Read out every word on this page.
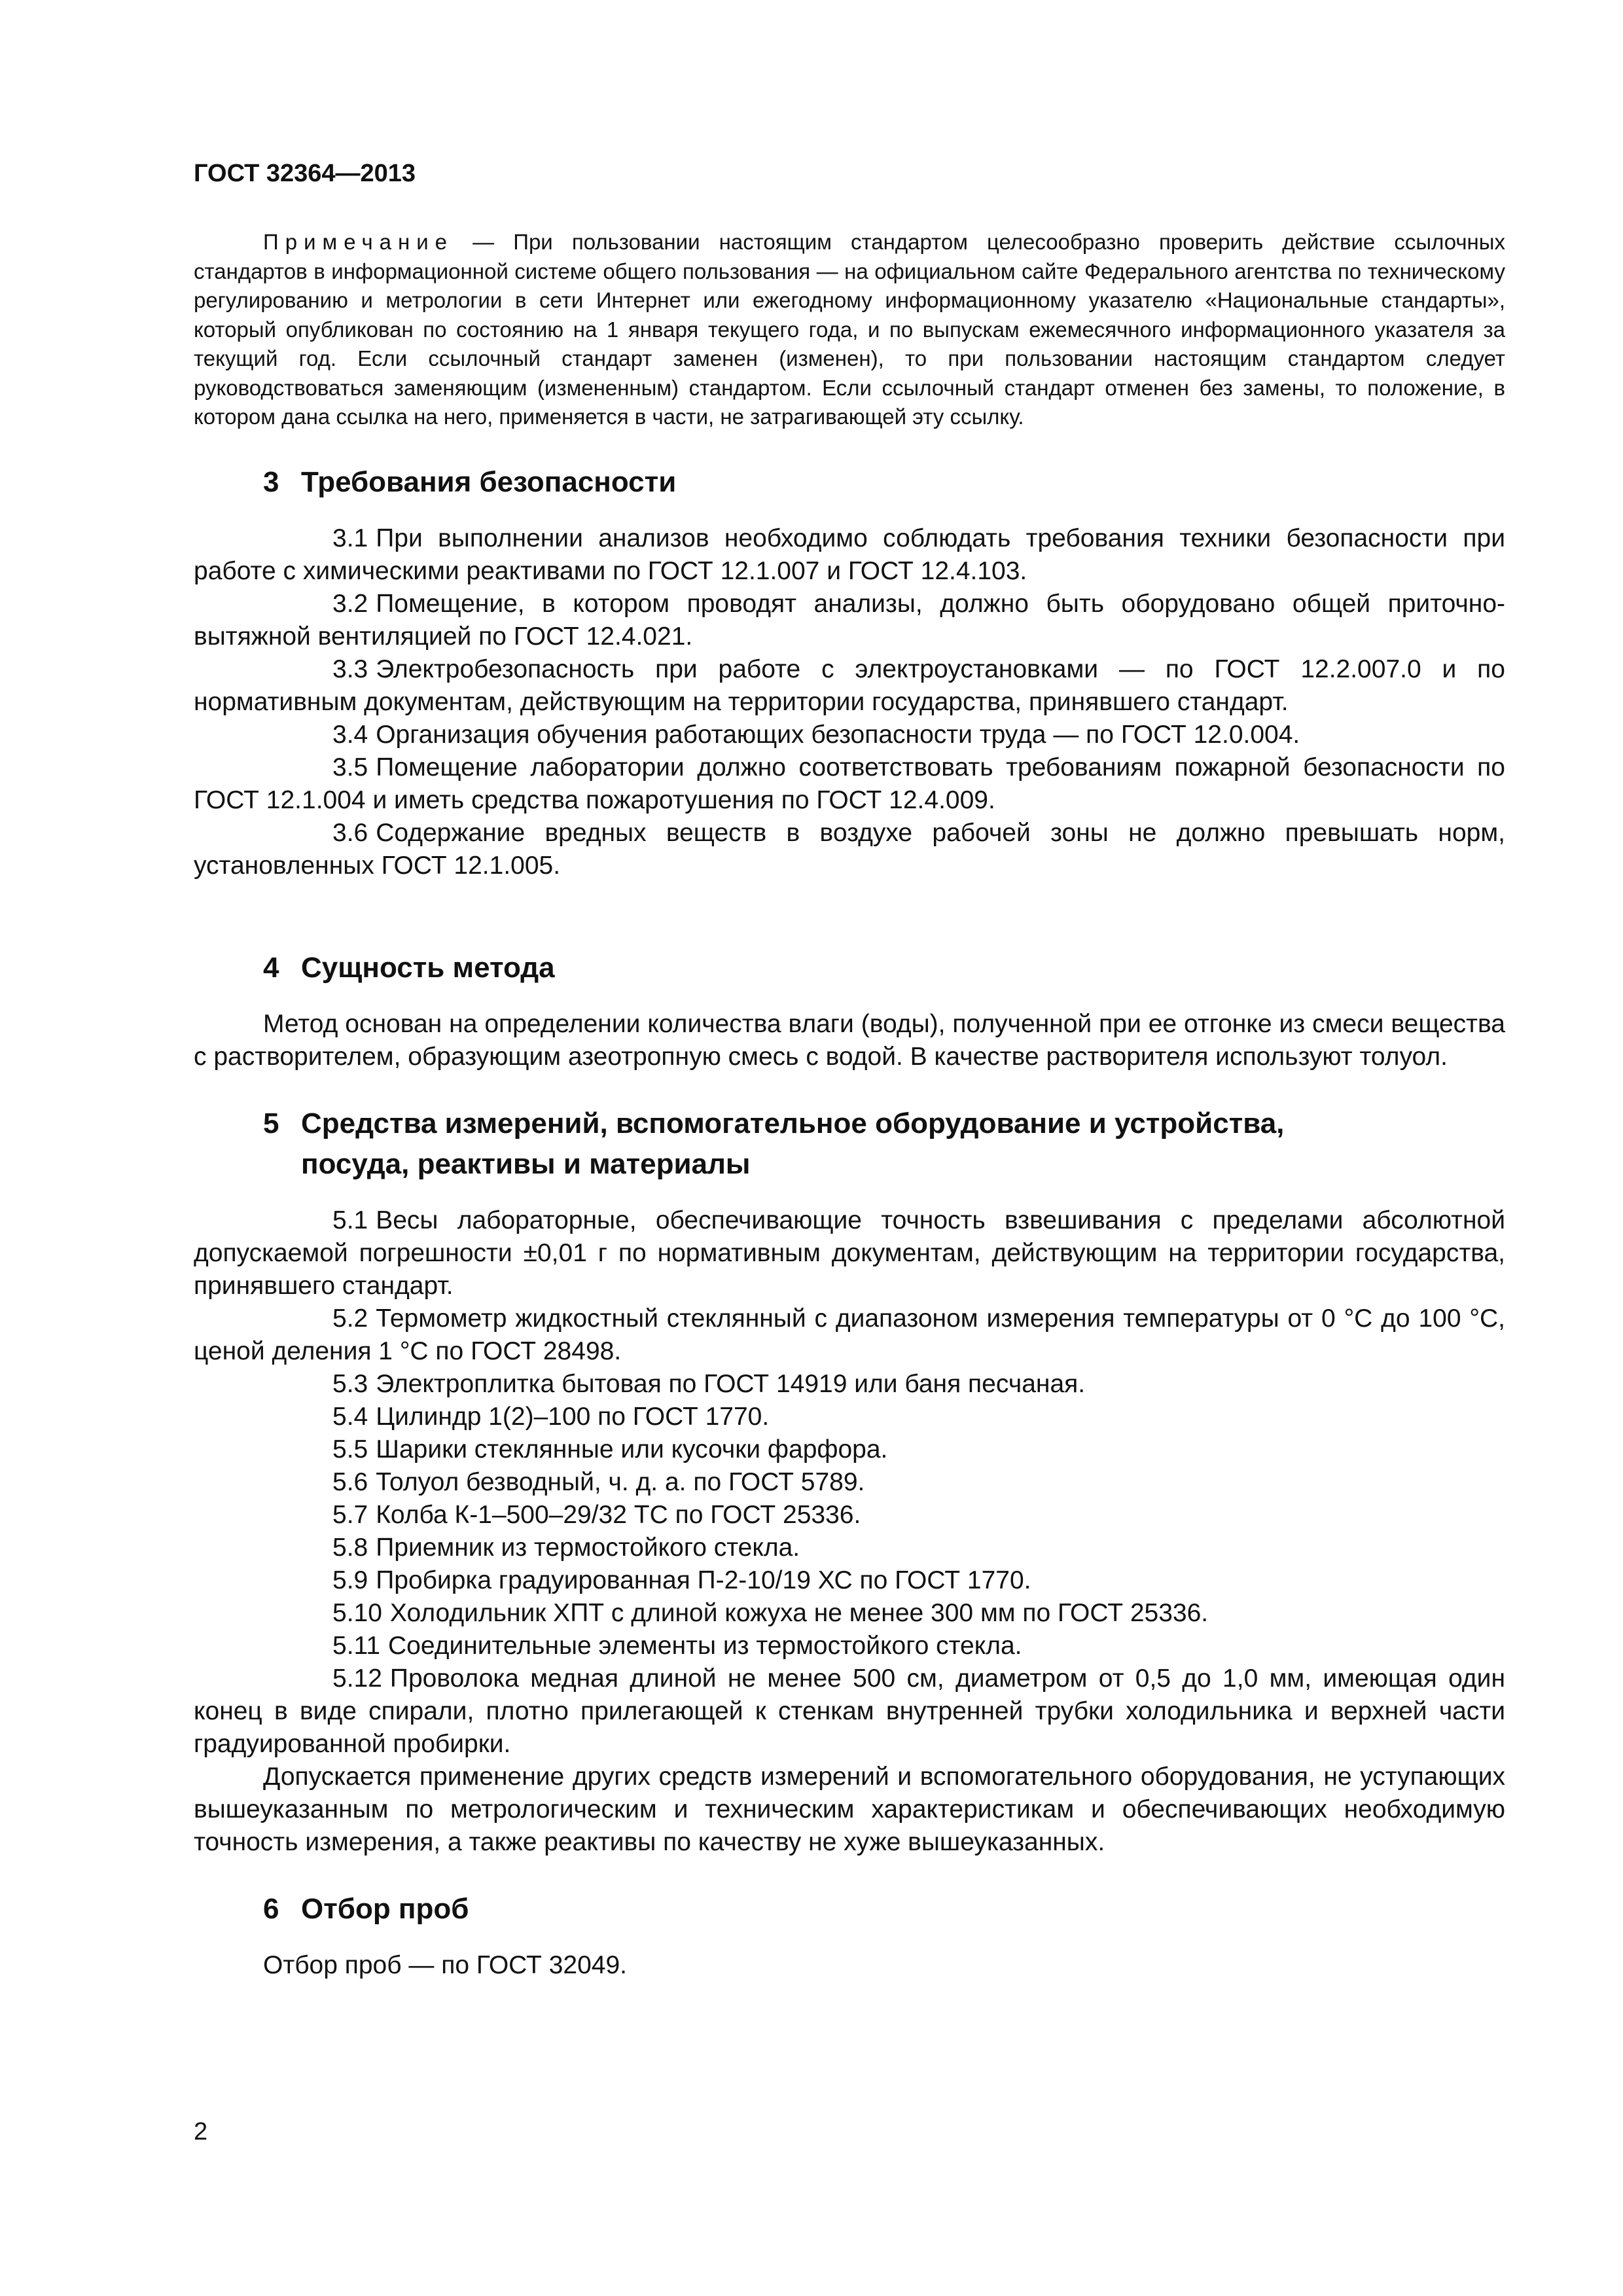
ГОСТ 32364—2013

Примечание — При пользовании настоящим стандартом целесообразно проверить действие ссылочных стандартов в информационной системе общего пользования — на официальном сайте Федерального агентства по техническому регулированию и метрологии в сети Интернет или ежегодному информационному указателю «Национальные стандарты», который опубликован по состоянию на 1 января текущего года, и по выпускам ежемесячного информационного указателя за текущий год. Если ссылочный стандарт заменен (изменен), то при пользовании настоящим стандартом следует руководствоваться заменяющим (измененным) стандартом. Если ссылочный стандарт отменен без замены, то положение, в котором дана ссылка на него, применяется в части, не затрагивающей эту ссылку.

3 Требования безопасности

3.1 При выполнении анализов необходимо соблюдать требования техники безопасности при работе с химическими реактивами по ГОСТ 12.1.007 и ГОСТ 12.4.103.

3.2 Помещение, в котором проводят анализы, должно быть оборудовано общей приточно-вытяжной вентиляцией по ГОСТ 12.4.021.

3.3 Электробезопасность при работе с электроустановками — по ГОСТ 12.2.007.0 и по нормативным документам, действующим на территории государства, принявшего стандарт.

3.4 Организация обучения работающих безопасности труда — по ГОСТ 12.0.004.

3.5 Помещение лаборатории должно соответствовать требованиям пожарной безопасности по ГОСТ 12.1.004 и иметь средства пожаротушения по ГОСТ 12.4.009.

3.6 Содержание вредных веществ в воздухе рабочей зоны не должно превышать норм, установленных ГОСТ 12.1.005.

4 Сущность метода

Метод основан на определении количества влаги (воды), полученной при ее отгонке из смеси вещества с растворителем, образующим азеотропную смесь с водой. В качестве растворителя используют толуол.

5 Средства измерений, вспомогательное оборудование и устройства,
посуда, реактивы и материалы

5.1 Весы лабораторные, обеспечивающие точность взвешивания с пределами абсолютной допускаемой погрешности ±0,01 г по нормативным документам, действующим на территории государства, принявшего стандарт.

5.2 Термометр жидкостный стеклянный с диапазоном измерения температуры от 0 °С до 100 °С, ценой деления 1 °С по ГОСТ 28498.

5.3 Электроплитка бытовая по ГОСТ 14919 или баня песчаная.

5.4 Цилиндр 1(2)–100 по ГОСТ 1770.

5.5 Шарики стеклянные или кусочки фарфора.

5.6 Толуол безводный, ч. д. а. по ГОСТ 5789.

5.7 Колба К-1–500–29/32 ТС по ГОСТ 25336.

5.8 Приемник из термостойкого стекла.

5.9 Пробирка градуированная П-2-10/19 ХС по ГОСТ 1770.

5.10 Холодильник ХПТ с длиной кожуха не менее 300 мм по ГОСТ 25336.

5.11 Соединительные элементы из термостойкого стекла.

5.12 Проволока медная длиной не менее 500 см, диаметром от 0,5 до 1,0 мм, имеющая один конец в виде спирали, плотно прилегающей к стенкам внутренней трубки холодильника и верхней части градуированной пробирки.

Допускается применение других средств измерений и вспомогательного оборудования, не уступающих вышеуказанным по метрологическим и техническим характеристикам и обеспечивающих необходимую точность измерения, а также реактивы по качеству не хуже вышеуказанных.

6 Отбор проб

Отбор проб — по ГОСТ 32049.

2
